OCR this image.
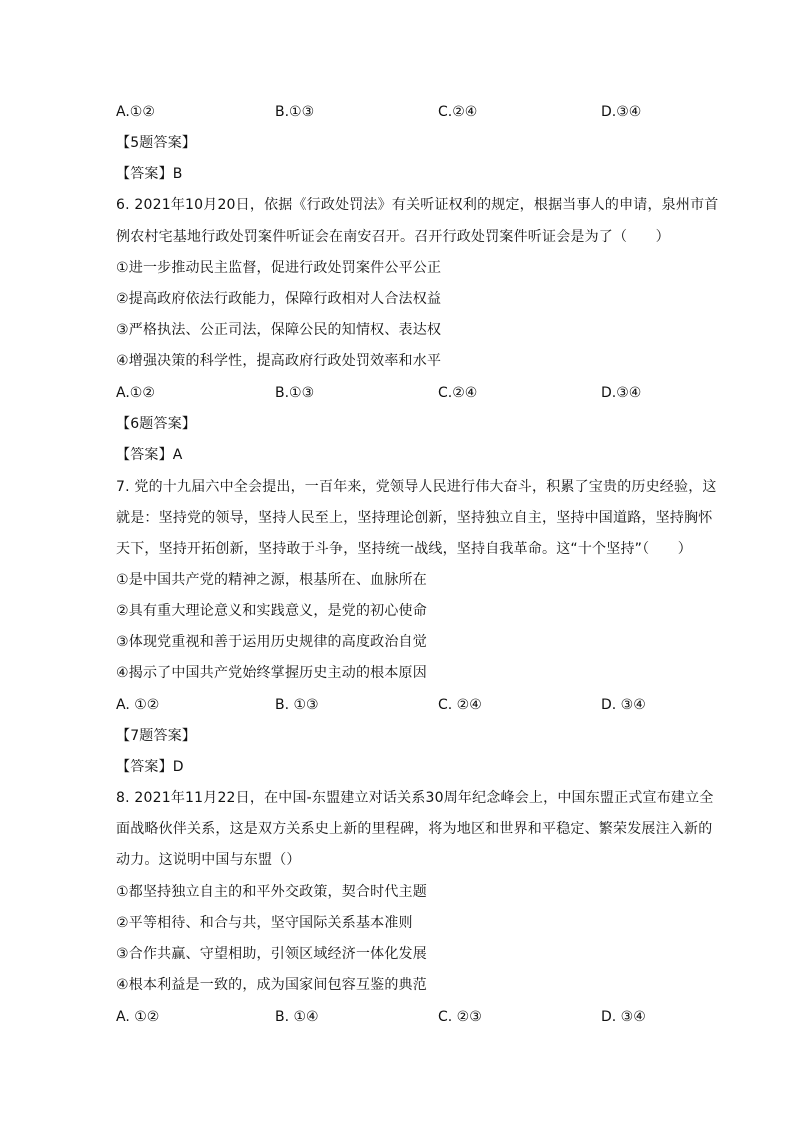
A.①②	B.①③	C.②④	D.③④
【5题答案】
【答案】B
6. 2021年10月20日，依据《行政处罚法》有关听证权利的规定，根据当事人的申请，泉州市首
例农村宅基地行政处罚案件听证会在南安召开。召开行政处罚案件听证会是为了（　　）
①进一步推动民主监督，促进行政处罚案件公平公正
②提高政府依法行政能力，保障行政相对人合法权益
③严格执法、公正司法，保障公民的知情权、表达权
④增强决策的科学性，提高政府行政处罚效率和水平
A.①②	B.①③	C.②④	D.③④
【6题答案】
【答案】A
7. 党的十九届六中全会提出，一百年来，党领导人民进行伟大奋斗，积累了宝贵的历史经验，这
就是：坚持党的领导，坚持人民至上，坚持理论创新，坚持独立自主，坚持中国道路，坚持胸怀
天下，坚持开拓创新，坚持敢于斗争，坚持统一战线，坚持自我革命。这“十个坚持”（　　）
①是中国共产党的精神之源，根基所在、血脉所在
②具有重大理论意义和实践意义，是党的初心使命
③体现党重视和善于运用历史规律的高度政治自觉
④揭示了中国共产党始终掌握历史主动的根本原因
A. ①②	B. ①③	C. ②④	D. ③④
【7题答案】
【答案】D
8. 2021年11月22日，在中国-东盟建立对话关系30周年纪念峰会上，中国东盟正式宣布建立全
面战略伙伴关系，这是双方关系史上新的里程碑，将为地区和世界和平稳定、繁荣发展注入新的
动力。这说明中国与东盟（）
①都坚持独立自主的和平外交政策，契合时代主题
②平等相待、和合与共，坚守国际关系基本准则
③合作共赢、守望相助，引领区域经济一体化发展
④根本利益是一致的，成为国家间包容互鉴的典范
A. ①②	B. ①④	C. ②③	D. ③④
